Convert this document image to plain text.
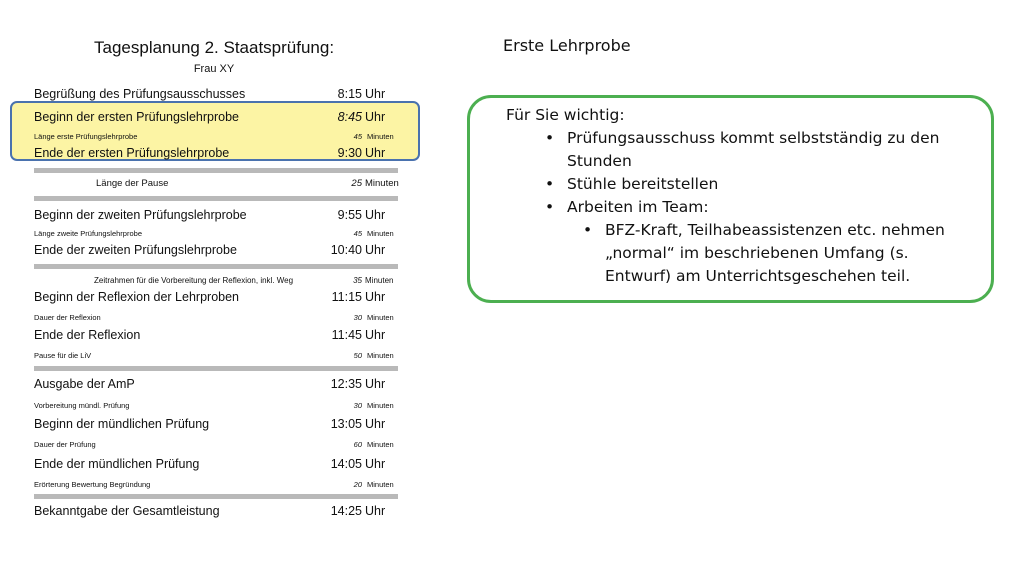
Tagesplanung 2. Staatsprüfung:
Frau XY
Begrüßung des Prüfungsausschusses	8:15 Uhr
Beginn der ersten Prüfungslehrprobe	8:45 Uhr
Länge erste Prüfungslehrprobe	45 Minuten
Ende der ersten Prüfungslehrprobe	9:30 Uhr
Länge der Pause	25 Minuten
Beginn der zweiten Prüfungslehrprobe	9:55 Uhr
Länge zweite Prüfungslehrprobe	45 Minuten
Ende der zweiten Prüfungslehrprobe	10:40 Uhr
Zeitrahmen für die Vorbereitung der Reflexion, inkl. Weg	35 Minuten
Beginn der Reflexion der Lehrproben	11:15 Uhr
Dauer der Reflexion	30 Minuten
Ende der Reflexion	11:45 Uhr
Pause für die LiV	50 Minuten
Ausgabe der AmP	12:35 Uhr
Vorbereitung mündl. Prüfung	30 Minuten
Beginn der mündlichen Prüfung	13:05 Uhr
Dauer der Prüfung	60 Minuten
Ende der mündlichen Prüfung	14:05 Uhr
Erörterung Bewertung Begründung	20 Minuten
Bekanntgabe der Gesamtleistung	14:25 Uhr
Erste Lehrprobe
Für Sie wichtig:
• Prüfungsausschuss kommt selbstständig zu den Stunden
• Stühle bereitstellen
• Arbeiten im Team:
• BFZ-Kraft, Teilhabeassistenzen etc. nehmen „normal“ im beschriebenen Umfang (s. Entwurf) am Unterrichtsgeschehen teil.
